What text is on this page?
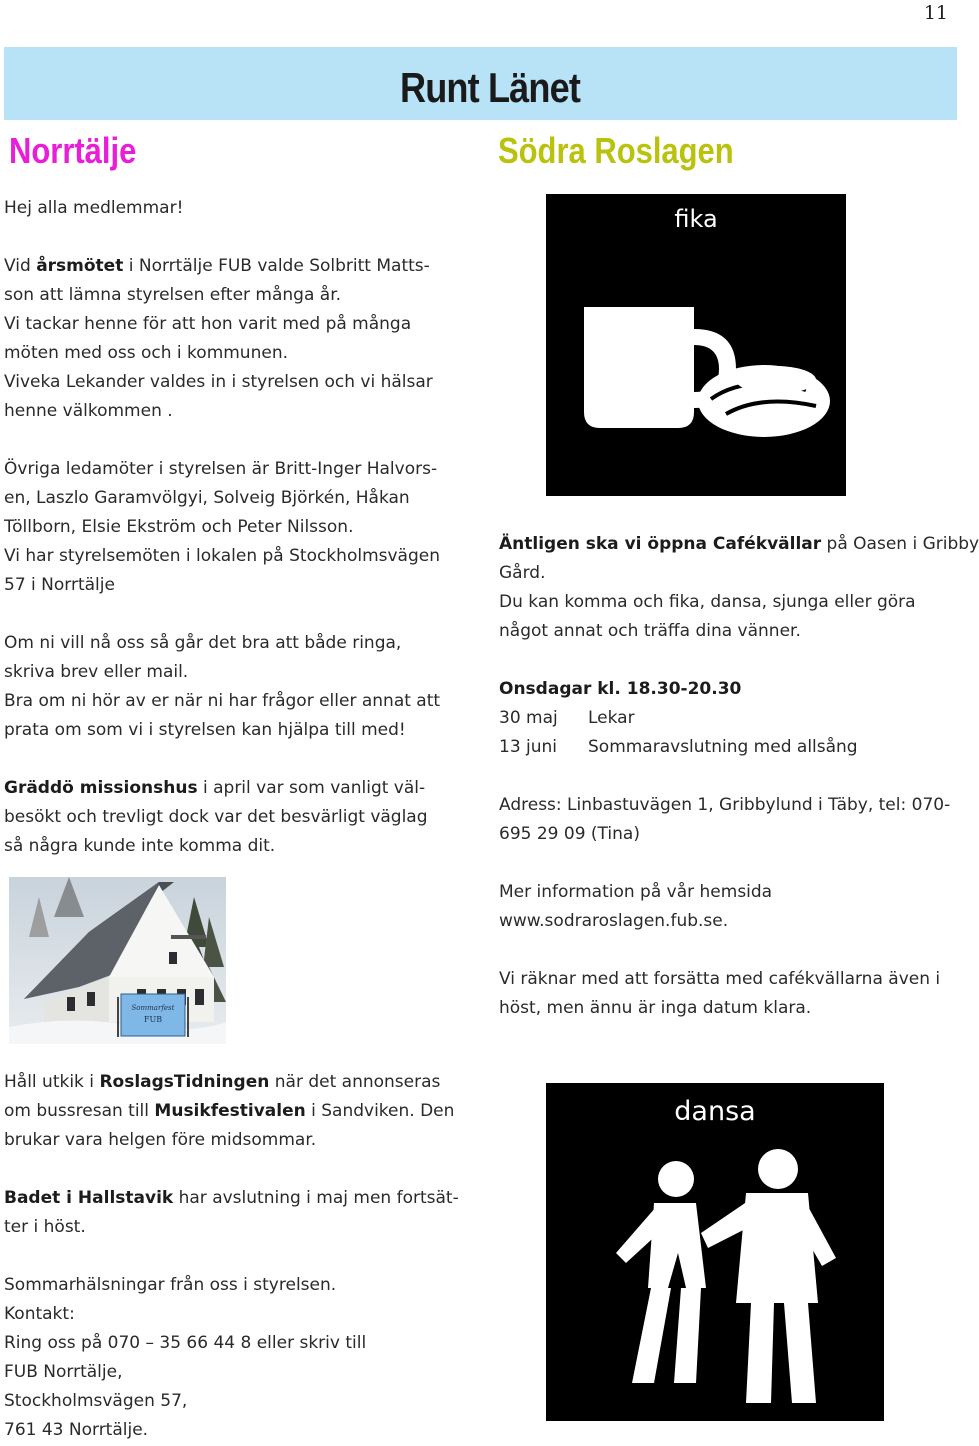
11
Runt Länet
Norrtälje	Södra Roslagen

Hej alla medlemmar!

Vid årsmötet i Norrtälje FUB valde Solbritt Matts-

son att lämna styrelsen efter många år.

Vi tackar henne för att hon varit med på många

möten med oss och i kommunen.

Viveka Lekander valdes in i styrelsen och vi hälsar

henne välkommen .

Övriga ledamöter i styrelsen är Britt-Inger Halvors-

en, Laszlo Garamvölgyi, Solveig Björkén, Håkan

Töllborn, Elsie Ekström och Peter Nilsson.

Vi har styrelsemöten i lokalen på Stockholmsvägen

57 i Norrtälje

Om ni vill nå oss så går det bra att både ringa,

skriva brev eller mail.

Bra om ni hör av er när ni har frågor eller annat att

prata om som vi i styrelsen kan hjälpa till med!

Gräddö missionshus i april var som vanligt väl-

besökt och trevligt dock var det besvärligt väglag

så några kunde inte komma dit.

Sommarfest
FUB

Håll utkik i RoslagsTidningen när det annonseras

om bussresan till Musikfestivalen i Sandviken. Den

brukar vara helgen före midsommar.

Badet i Hallstavik har avslutning i maj men fortsät-

ter i höst.

Sommarhälsningar från oss i styrelsen.

Kontakt:

Ring oss på 070 – 35 66 44 8 eller skriv till

FUB Norrtälje,

Stockholmsvägen 57,

761 43 Norrtälje.

fika

Äntligen ska vi öppna Cafékvällar på Oasen i Gribby

Gård.

Du kan komma och fika, dansa, sjunga eller göra

något annat och träffa dina vänner.

Onsdagar kl. 18.30-20.30

30 maj	Lekar

13 juni	Sommaravslutning med allsång

Adress: Linbastuvägen 1, Gribbylund i Täby, tel: 070-

695 29 09 (Tina)

Mer information på vår hemsida

www.sodraroslagen.fub.se.

Vi räknar med att forsätta med cafékvällarna även i

höst, men ännu är inga datum klara.

dansa
